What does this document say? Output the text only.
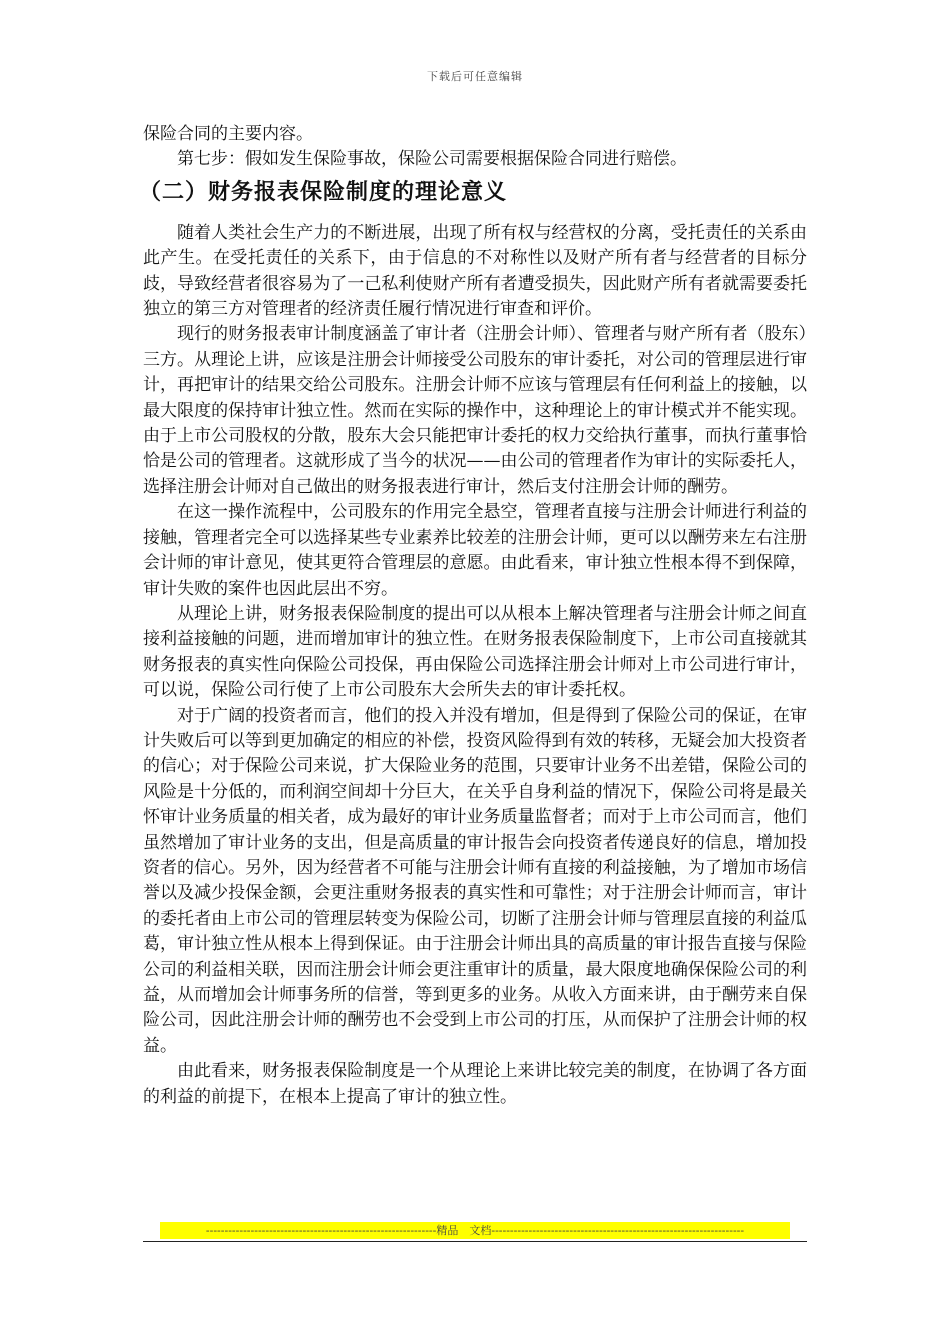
下载后可任意编辑

保险合同的主要内容。

第七步：假如发生保险事故，保险公司需要根据保险合同进行赔偿。

（二）财务报表保险制度的理论意义

随着人类社会生产力的不断进展，出现了所有权与经营权的分离，受托责任的关系由此产生。在受托责任的关系下，由于信息的不对称性以及财产所有者与经营者的目标分歧，导致经营者很容易为了一己私利使财产所有者遭受损失，因此财产所有者就需要委托独立的第三方对管理者的经济责任履行情况进行审查和评价。

现行的财务报表审计制度涵盖了审计者（注册会计师）、管理者与财产所有者（股东）三方。从理论上讲，应该是注册会计师接受公司股东的审计委托，对公司的管理层进行审计，再把审计的结果交给公司股东。注册会计师不应该与管理层有任何利益上的接触，以最大限度的保持审计独立性。然而在实际的操作中，这种理论上的审计模式并不能实现。由于上市公司股权的分散，股东大会只能把审计委托的权力交给执行董事，而执行董事恰恰是公司的管理者。这就形成了当今的状况——由公司的管理者作为审计的实际委托人，选择注册会计师对自己做出的财务报表进行审计，然后支付注册会计师的酬劳。

在这一操作流程中，公司股东的作用完全悬空，管理者直接与注册会计师进行利益的接触，管理者完全可以选择某些专业素养比较差的注册会计师，更可以以酬劳来左右注册会计师的审计意见，使其更符合管理层的意愿。由此看来，审计独立性根本得不到保障，审计失败的案件也因此层出不穷。

从理论上讲，财务报表保险制度的提出可以从根本上解决管理者与注册会计师之间直接利益接触的问题，进而增加审计的独立性。在财务报表保险制度下，上市公司直接就其财务报表的真实性向保险公司投保，再由保险公司选择注册会计师对上市公司进行审计，可以说，保险公司行使了上市公司股东大会所失去的审计委托权。

对于广阔的投资者而言，他们的投入并没有增加，但是得到了保险公司的保证，在审计失败后可以等到更加确定的相应的补偿，投资风险得到有效的转移，无疑会加大投资者的信心；对于保险公司来说，扩大保险业务的范围，只要审计业务不出差错，保险公司的风险是十分低的，而利润空间却十分巨大，在关乎自身利益的情况下，保险公司将是最关怀审计业务质量的相关者，成为最好的审计业务质量监督者；而对于上市公司而言，他们虽然增加了审计业务的支出，但是高质量的审计报告会向投资者传递良好的信息，增加投资者的信心。另外，因为经营者不可能与注册会计师有直接的利益接触，为了增加市场信誉以及减少投保金额，会更注重财务报表的真实性和可靠性；对于注册会计师而言，审计的委托者由上市公司的管理层转变为保险公司，切断了注册会计师与管理层直接的利益瓜葛，审计独立性从根本上得到保证。由于注册会计师出具的高质量的审计报告直接与保险公司的利益相关联，因而注册会计师会更注重审计的质量，最大限度地确保保险公司的利益，从而增加会计师事务所的信誉，等到更多的业务。从收入方面来讲，由于酬劳来自保险公司，因此注册会计师的酬劳也不会受到上市公司的打压，从而保护了注册会计师的权益。

由此看来，财务报表保险制度是一个从理论上来讲比较完美的制度，在协调了各方面的利益的前提下，在根本上提高了审计的独立性。

--------------------------------------------------------------精品　文档--------------------------------------------------------------------
